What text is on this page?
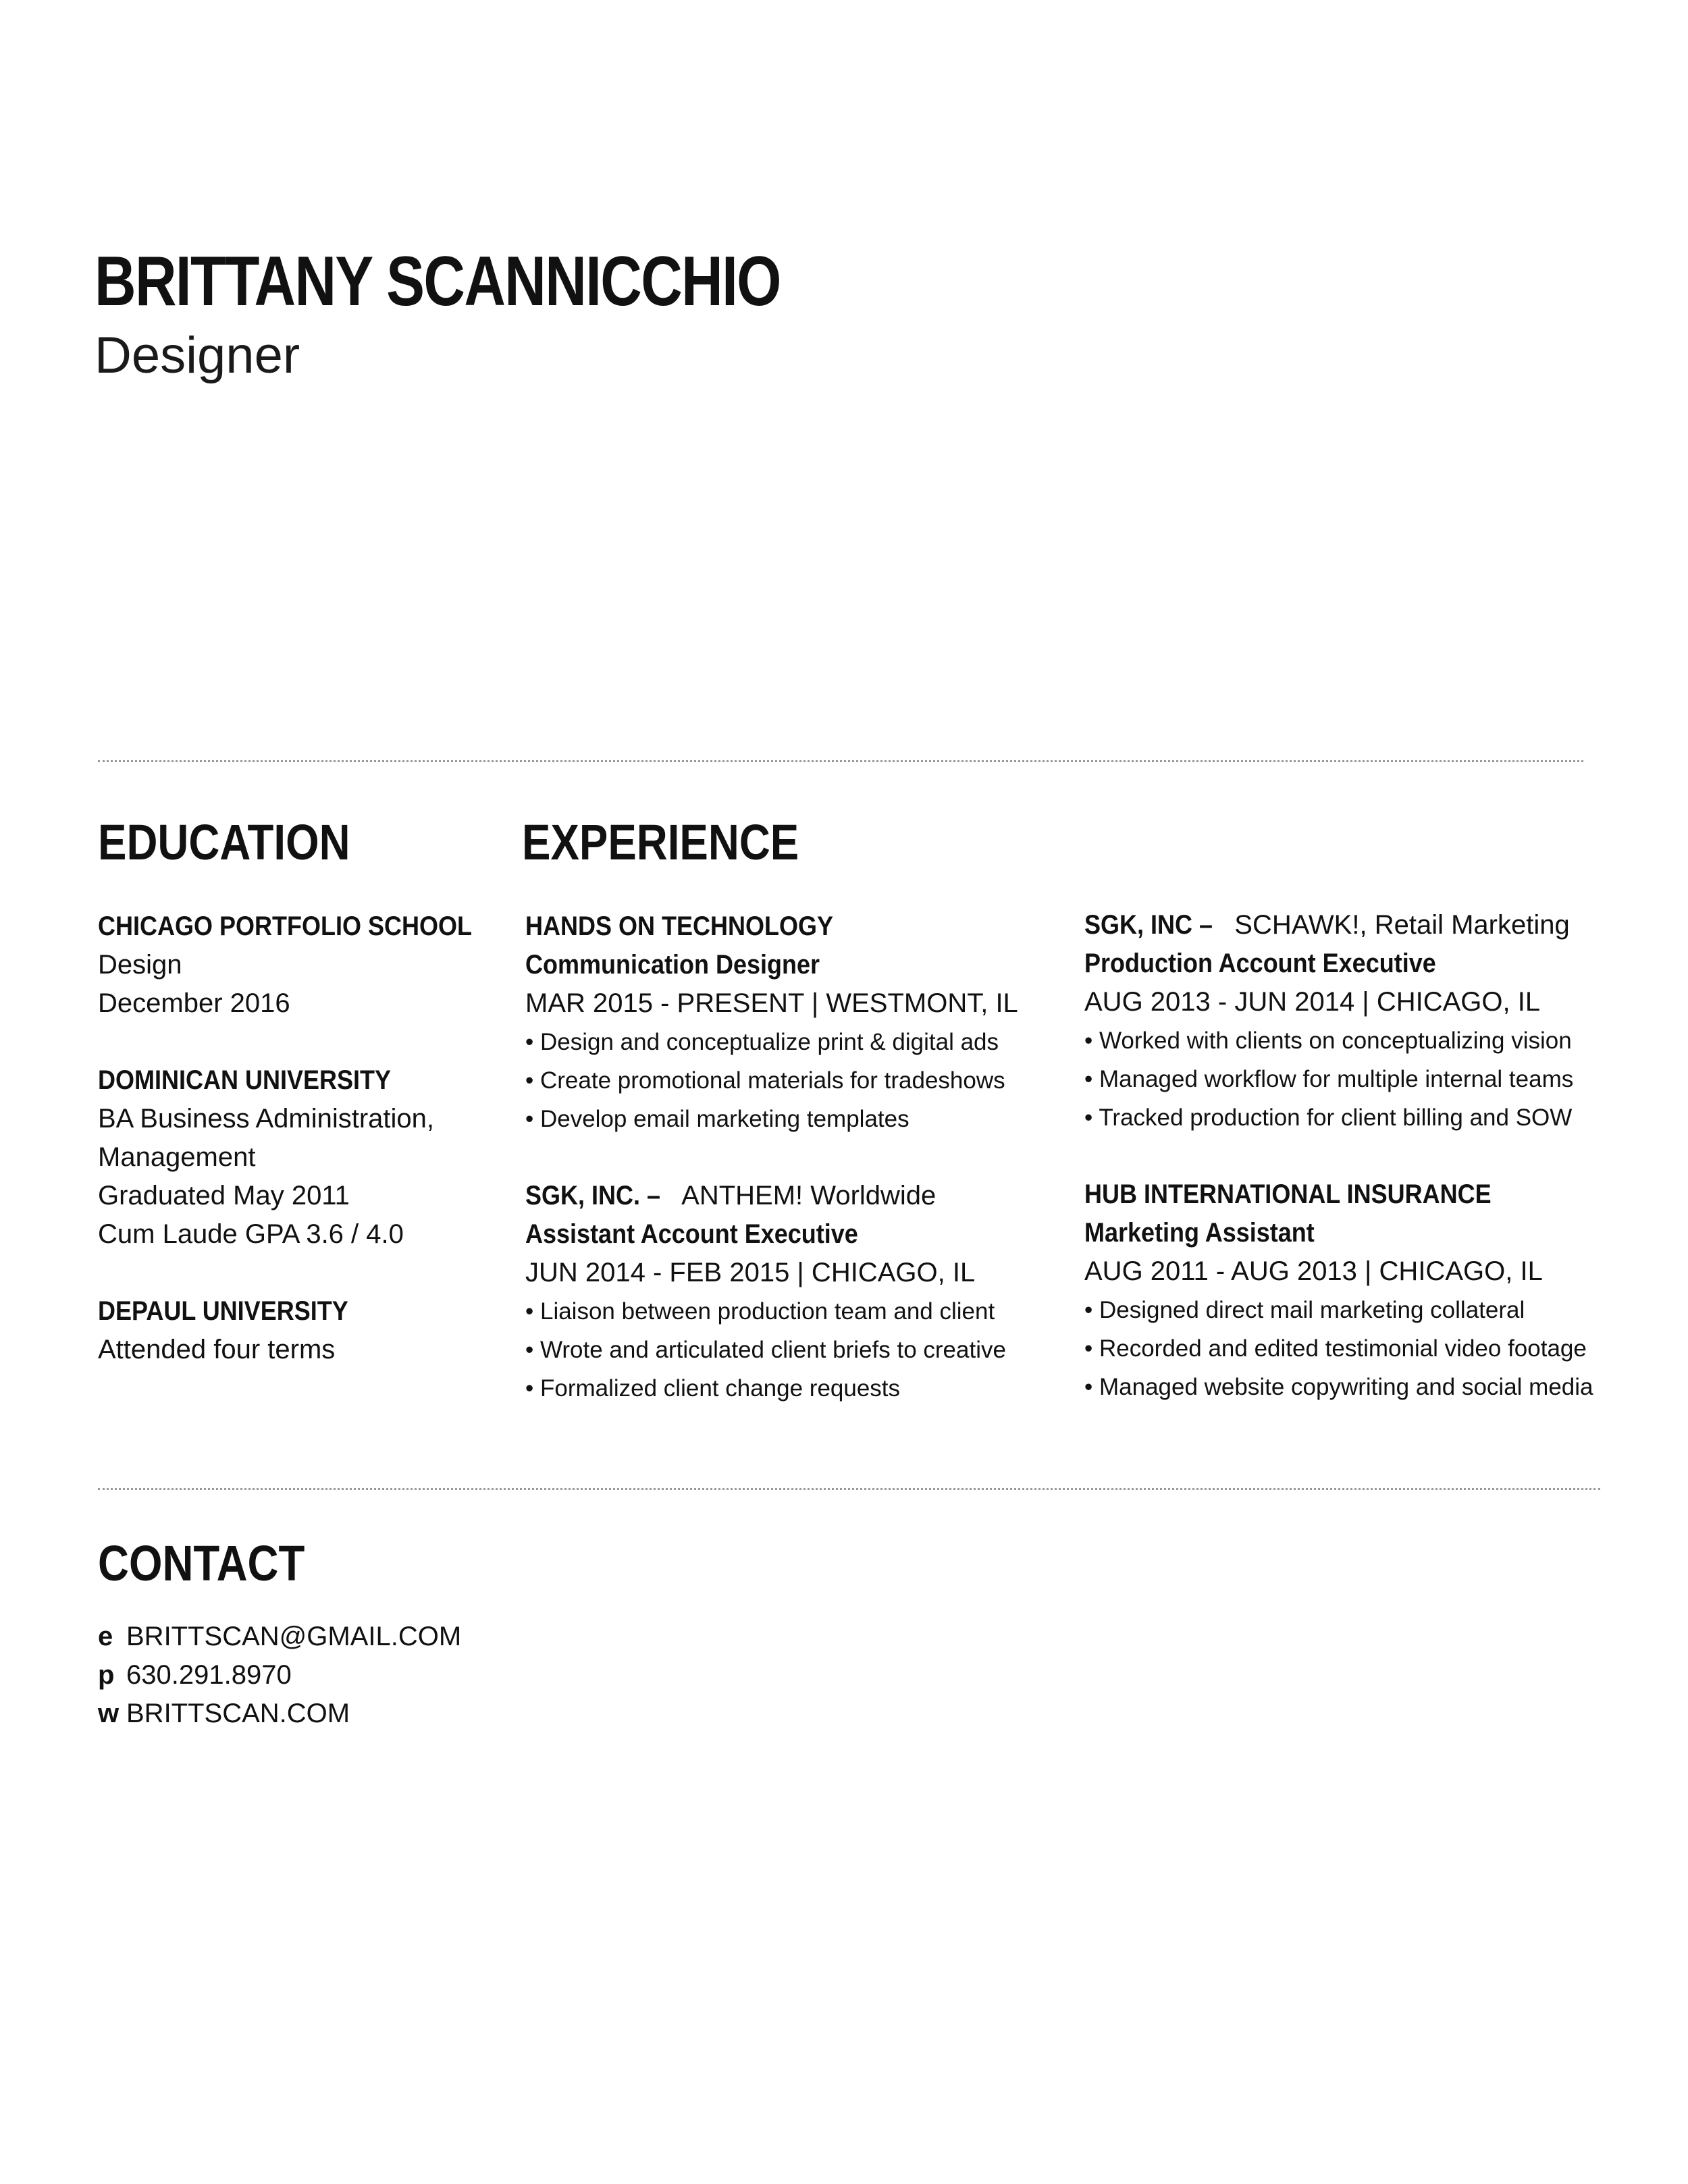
BRITTANY SCANNICCHIO
Designer
EDUCATION	EXPERIENCE
CHICAGO PORTFOLIO SCHOOL
Design
December 2016
DOMINICAN UNIVERSITY
BA Business Administration,
Management
Graduated May 2011
Cum Laude GPA 3.6 / 4.0
DEPAUL UNIVERSITY
Attended four terms
HANDS ON TECHNOLOGY
Communication Designer
MAR 2015 - PRESENT | WESTMONT, IL
• Design and conceptualize print & digital ads
• Create promotional materials for tradeshows
• Develop email marketing templates
SGK, INC. – ANTHEM! Worldwide
Assistant Account Executive
JUN 2014 - FEB 2015 | CHICAGO, IL
• Liaison between production team and client
• Wrote and articulated client briefs to creative
• Formalized client change requests
SGK, INC – SCHAWK!, Retail Marketing
Production Account Executive
AUG 2013 - JUN 2014 | CHICAGO, IL
• Worked with clients on conceptualizing vision
• Managed workflow for multiple internal teams
• Tracked production for client billing and SOW
HUB INTERNATIONAL INSURANCE
Marketing Assistant
AUG 2011 - AUG 2013 | CHICAGO, IL
• Designed direct mail marketing collateral
• Recorded and edited testimonial video footage
• Managed website copywriting and social media
CONTACT
e BRITTSCAN@GMAIL.COM
p 630.291.8970
w BRITTSCAN.COM
